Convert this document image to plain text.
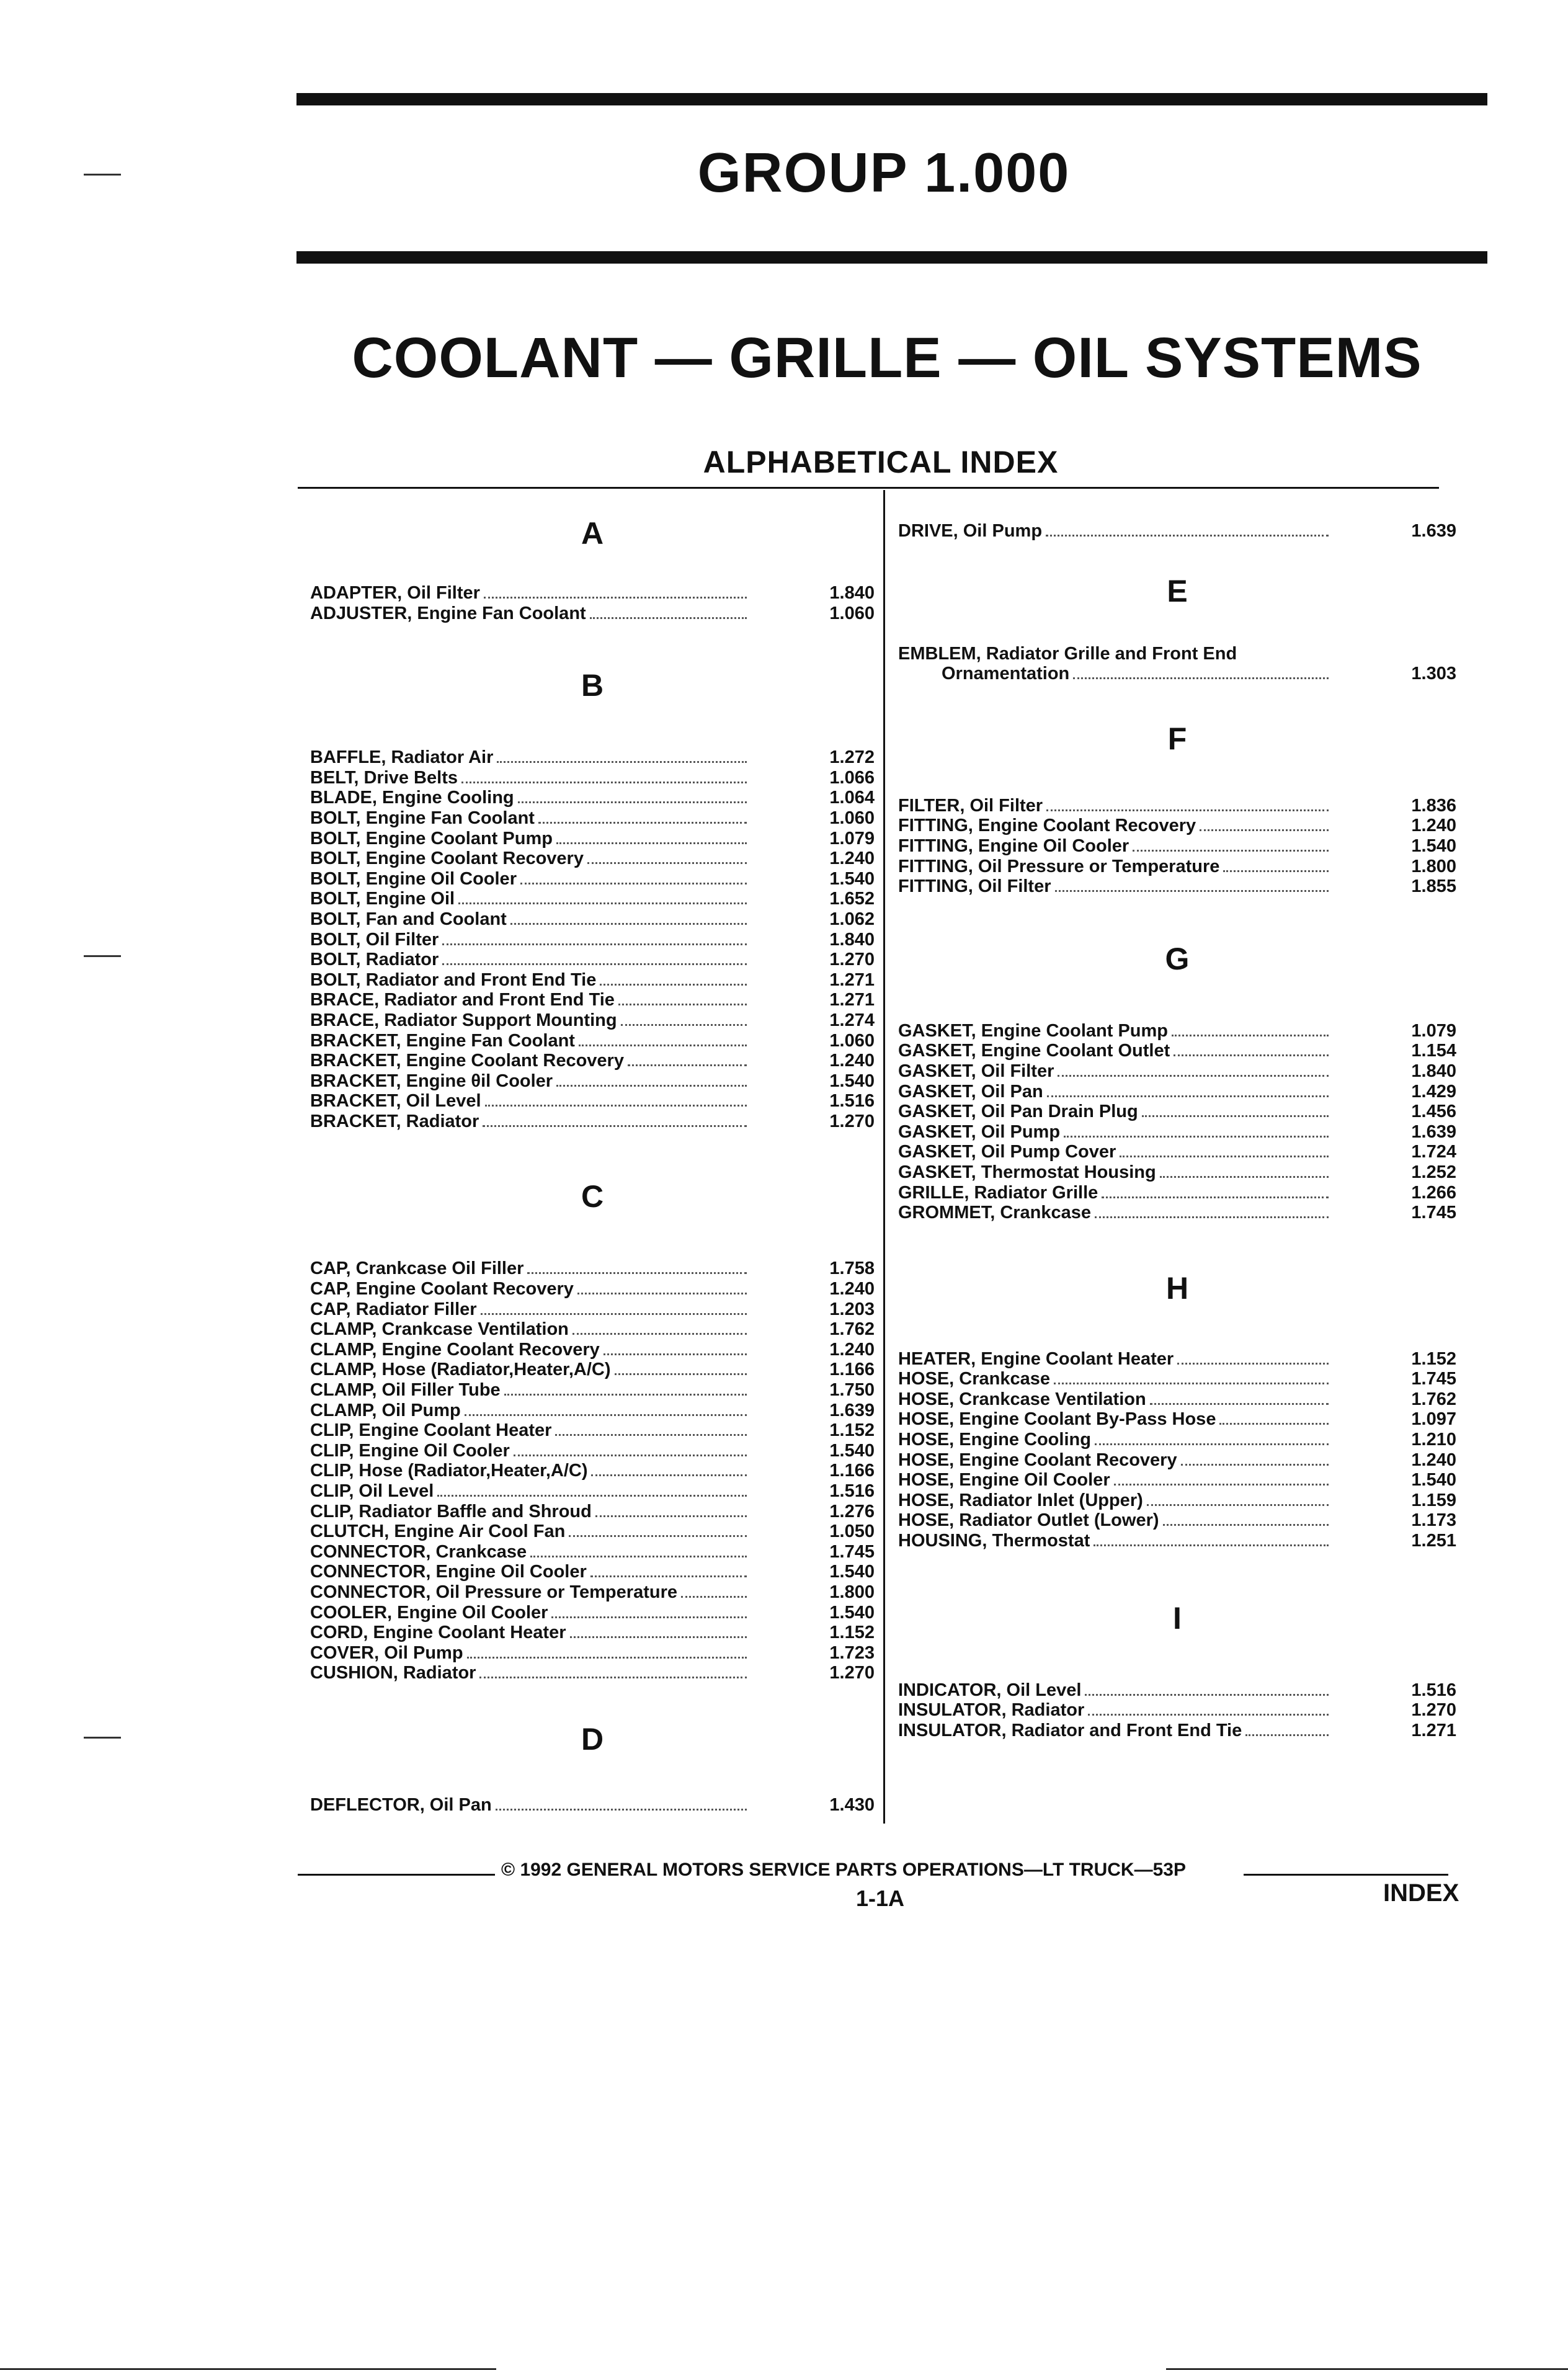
GROUP 1.000
COOLANT — GRILLE — OIL SYSTEMS
ALPHABETICAL INDEX
A
ADAPTER, Oil Filter	1.840
ADJUSTER, Engine Fan Coolant	1.060
B
BAFFLE, Radiator Air	1.272
BELT, Drive Belts	1.066
BLADE, Engine Cooling	1.064
BOLT, Engine Fan Coolant	1.060
BOLT, Engine Coolant Pump	1.079
BOLT, Engine Coolant Recovery	1.240
BOLT, Engine Oil Cooler	1.540
BOLT, Engine Oil	1.652
BOLT, Fan and Coolant	1.062
BOLT, Oil Filter	1.840
BOLT, Radiator	1.270
BOLT, Radiator and Front End Tie	1.271
BRACE, Radiator and Front End Tie	1.271
BRACE, Radiator Support Mounting	1.274
BRACKET, Engine Fan Coolant	1.060
BRACKET, Engine Coolant Recovery	1.240
BRACKET, Engine θil Cooler	1.540
BRACKET, Oil Level	1.516
BRACKET, Radiator	1.270
C
CAP, Crankcase Oil Filler	1.758
CAP, Engine Coolant Recovery	1.240
CAP, Radiator Filler	1.203
CLAMP, Crankcase Ventilation	1.762
CLAMP, Engine Coolant Recovery	1.240
CLAMP, Hose (Radiator,Heater,A/C)	1.166
CLAMP, Oil Filler Tube	1.750
CLAMP, Oil Pump	1.639
CLIP, Engine Coolant Heater	1.152
CLIP, Engine Oil Cooler	1.540
CLIP, Hose (Radiator,Heater,A/C)	1.166
CLIP, Oil Level	1.516
CLIP, Radiator Baffle and Shroud	1.276
CLUTCH, Engine Air Cool Fan	1.050
CONNECTOR, Crankcase	1.745
CONNECTOR, Engine Oil Cooler	1.540
CONNECTOR, Oil Pressure or Temperature	1.800
COOLER, Engine Oil Cooler	1.540
CORD, Engine Coolant Heater	1.152
COVER, Oil Pump	1.723
CUSHION, Radiator	1.270
D
DEFLECTOR, Oil Pan	1.430
DRIVE, Oil Pump	1.639
E
EMBLEM, Radiator Grille and Front End
Ornamentation	1.303
F
FILTER, Oil Filter	1.836
FITTING, Engine Coolant Recovery	1.240
FITTING, Engine Oil Cooler	1.540
FITTING, Oil Pressure or Temperature	1.800
FITTING, Oil Filter	1.855
G
GASKET, Engine Coolant Pump	1.079
GASKET, Engine Coolant Outlet	1.154
GASKET, Oil Filter	1.840
GASKET, Oil Pan	1.429
GASKET, Oil Pan Drain Plug	1.456
GASKET, Oil Pump	1.639
GASKET, Oil Pump Cover	1.724
GASKET, Thermostat Housing	1.252
GRILLE, Radiator Grille	1.266
GROMMET, Crankcase	1.745
H
HEATER, Engine Coolant Heater	1.152
HOSE, Crankcase	1.745
HOSE, Crankcase Ventilation	1.762
HOSE, Engine Coolant By-Pass Hose	1.097
HOSE, Engine Cooling	1.210
HOSE, Engine Coolant Recovery	1.240
HOSE, Engine Oil Cooler	1.540
HOSE, Radiator Inlet (Upper)	1.159
HOSE, Radiator Outlet (Lower)	1.173
HOUSING, Thermostat	1.251
I
INDICATOR, Oil Level	1.516
INSULATOR, Radiator	1.270
INSULATOR, Radiator and Front End Tie	1.271
© 1992 GENERAL MOTORS SERVICE PARTS OPERATIONS—LT TRUCK—53P
1-1A	INDEX
